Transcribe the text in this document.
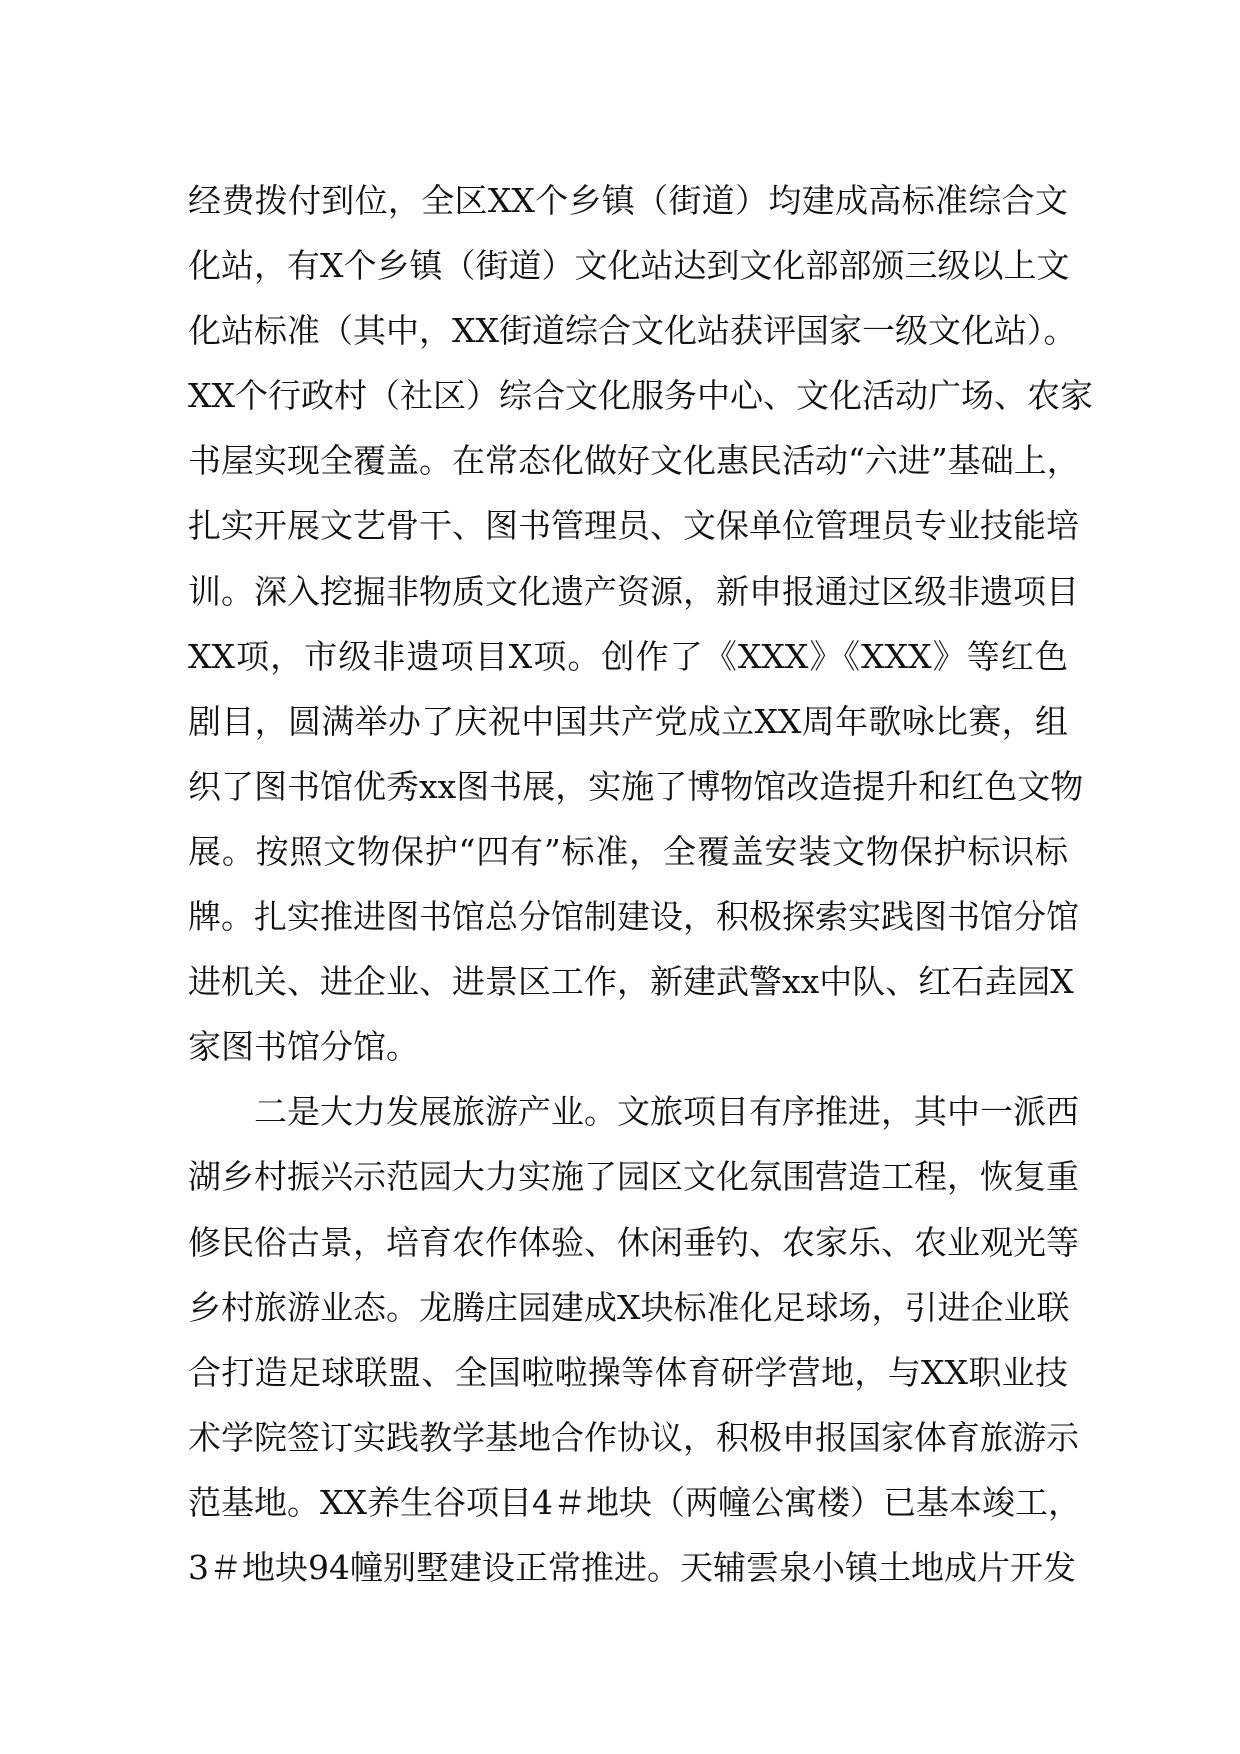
经费拨付到位，全区XX个乡镇（街道）均建成高标准综合文
化站，有X个乡镇（街道）文化站达到文化部部颁三级以上文
化站标准（其中，XX街道综合文化站获评国家一级文化站）。
XX个行政村（社区）综合文化服务中心、文化活动广场、农家
书屋实现全覆盖。在常态化做好文化惠民活动“六进”基础上，
扎实开展文艺骨干、图书管理员、文保单位管理员专业技能培
训。深入挖掘非物质文化遗产资源，新申报通过区级非遗项目
XX项，市级非遗项目X项。创作了《XXX》《XXX》等红色
剧目，圆满举办了庆祝中国共产党成立XX周年歌咏比赛，组
织了图书馆优秀xx图书展，实施了博物馆改造提升和红色文物
展。按照文物保护“四有”标准，全覆盖安装文物保护标识标
牌。扎实推进图书馆总分馆制建设，积极探索实践图书馆分馆
进机关、进企业、进景区工作，新建武警xx中队、红石垚园X
家图书馆分馆。
　　二是大力发展旅游产业。文旅项目有序推进，其中一派西
湖乡村振兴示范园大力实施了园区文化氛围营造工程，恢复重
修民俗古景，培育农作体验、休闲垂钓、农家乐、农业观光等
乡村旅游业态。龙腾庄园建成X块标准化足球场，引进企业联
合打造足球联盟、全国啦啦操等体育研学营地，与XX职业技
术学院签订实践教学基地合作协议，积极申报国家体育旅游示
范基地。XX养生谷项目4＃地块（两幢公寓楼）已基本竣工，
3＃地块94幢别墅建设正常推进。天辅雲泉小镇土地成片开发
